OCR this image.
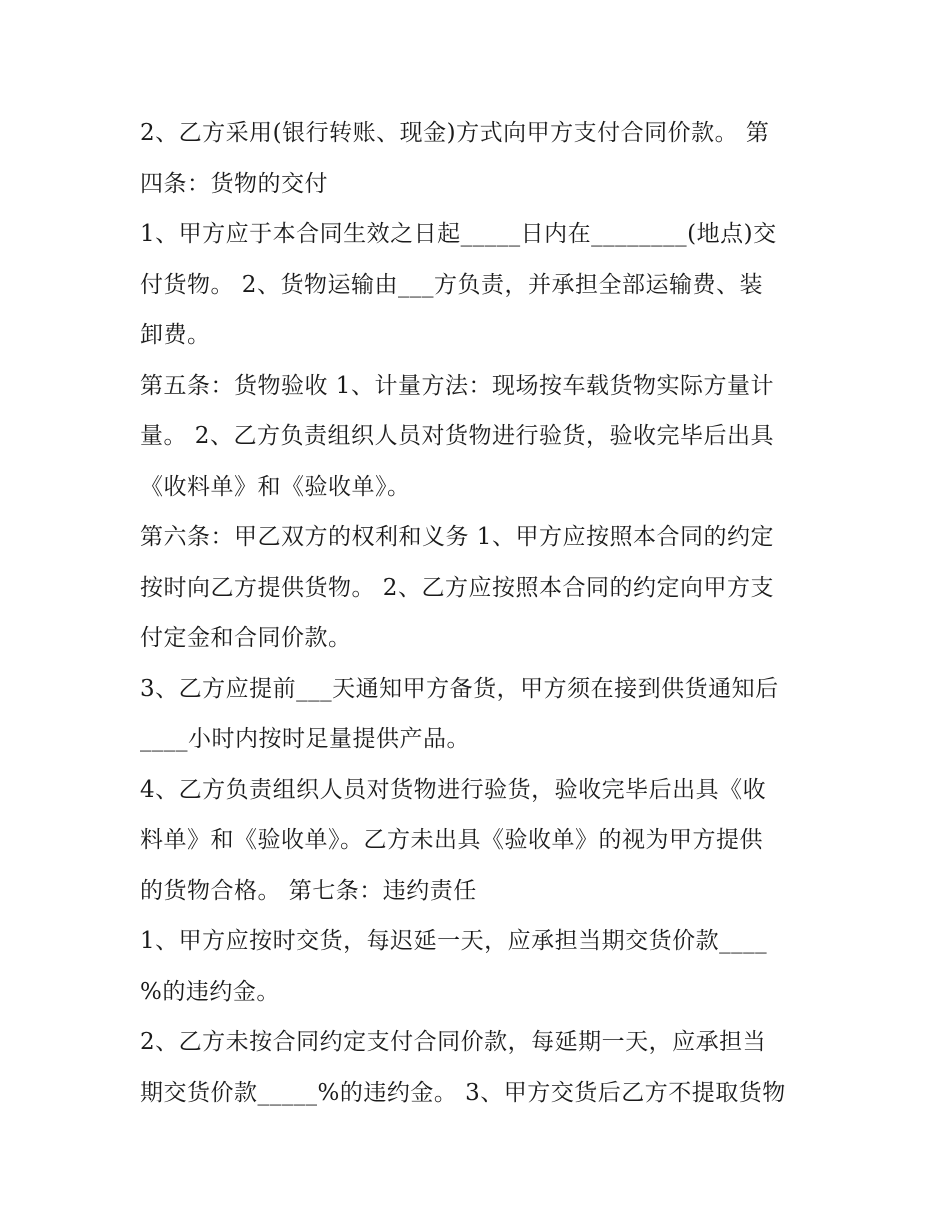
2、乙方采用(银行转账、现金)方式向甲方支付合同价款。 第
四条：货物的交付
1、甲方应于本合同生效之日起_____日内在________(地点)交
付货物。 2、货物运输由___方负责，并承担全部运输费、装
卸费。
第五条：货物验收 1、计量方法：现场按车载货物实际方量计
量。 2、乙方负责组织人员对货物进行验货，验收完毕后出具
《收料单》和《验收单》。
第六条：甲乙双方的权利和义务 1、甲方应按照本合同的约定
按时向乙方提供货物。 2、乙方应按照本合同的约定向甲方支
付定金和合同价款。
3、乙方应提前___天通知甲方备货，甲方须在接到供货通知后
____小时内按时足量提供产品。
4、乙方负责组织人员对货物进行验货，验收完毕后出具《收
料单》和《验收单》。乙方未出具《验收单》的视为甲方提供
的货物合格。 第七条：违约责任
1、甲方应按时交货，每迟延一天，应承担当期交货价款____
%的违约金。
2、乙方未按合同约定支付合同价款，每延期一天，应承担当
期交货价款_____%的违约金。 3、甲方交货后乙方不提取货物
